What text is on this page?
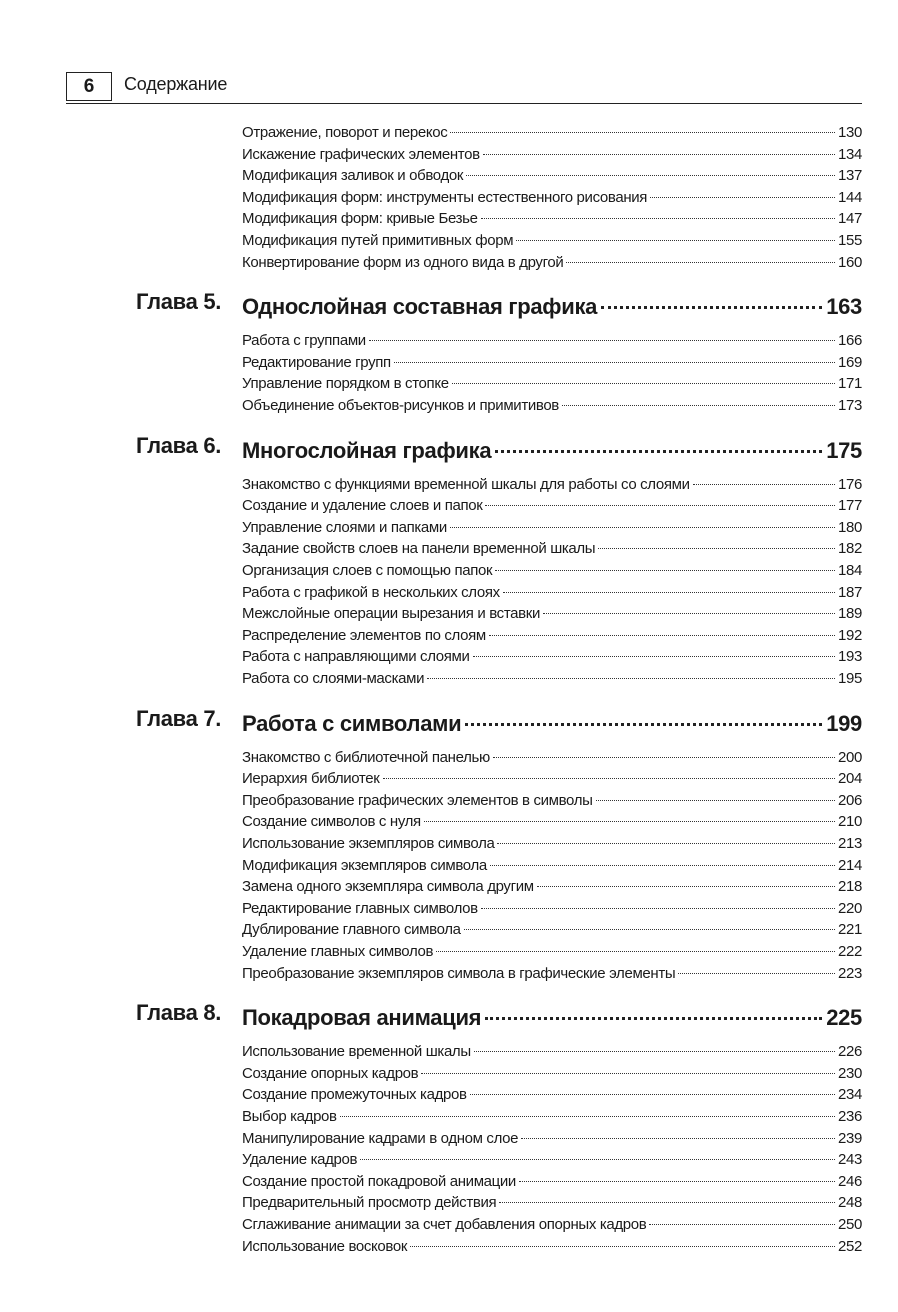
6	Содержание
Отражение, поворот и перекос	130
Искажение графических элементов	134
Модификация заливок и обводок	137
Модификация форм: инструменты естественного рисования	144
Модификация форм: кривые Безье	147
Модификация путей примитивных форм	155
Конвертирование форм из одного вида в другой	160
Глава 5. Однослойная составная графика	163
Работа с группами	166
Редактирование групп	169
Управление порядком в стопке	171
Объединение объектов-рисунков и примитивов	173
Глава 6. Многослойная графика	175
Знакомство с функциями временной шкалы для работы со слоями	176
Создание и удаление слоев и папок	177
Управление слоями и папками	180
Задание свойств слоев на панели временной шкалы	182
Организация слоев с помощью папок	184
Работа с графикой в нескольких слоях	187
Межслойные операции вырезания и вставки	189
Распределение элементов по слоям	192
Работа с направляющими слоями	193
Работа со слоями-масками	195
Глава 7. Работа с символами	199
Знакомство с библиотечной панелью	200
Иерархия библиотек	204
Преобразование графических элементов в символы	206
Создание символов с нуля	210
Использование экземпляров символа	213
Модификация экземпляров символа	214
Замена одного экземпляра символа другим	218
Редактирование главных символов	220
Дублирование главного символа	221
Удаление главных символов	222
Преобразование экземпляров символа в графические элементы	223
Глава 8. Покадровая анимация	225
Использование временной шкалы	226
Создание опорных кадров	230
Создание промежуточных кадров	234
Выбор кадров	236
Манипулирование кадрами в одном слое	239
Удаление кадров	243
Создание простой покадровой анимации	246
Предварительный просмотр действия	248
Сглаживание анимации за счет добавления опорных кадров	250
Использование восковок	252
